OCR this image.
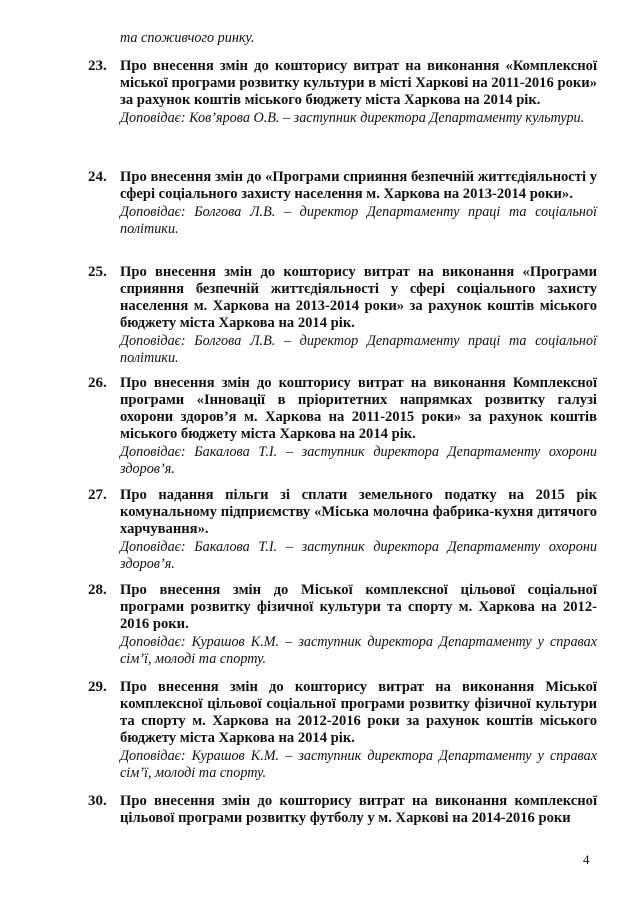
та споживчого ринку.

23. Про внесення змін до кошторису витрат на виконання «Комплексної міської програми розвитку культури в місті Харкові на 2011-2016 роки» за рахунок коштів міського бюджету міста Харкова на 2014 рік.

Доповідає: Ков’ярова О.В. – заступник директора Департаменту культури.

24. Про внесення змін до «Програми сприяння безпечній життєдіяльності у сфері соціального захисту населення м. Харкова на 2013-2014 роки».

Доповідає: Болгова Л.В. – директор Департаменту праці та соціальної політики.

25. Про внесення змін до кошторису витрат на виконання «Програми сприяння безпечній життєдіяльності у сфері соціального захисту населення м. Харкова на 2013-2014 роки» за рахунок коштів міського бюджету міста Харкова на 2014 рік.

Доповідає: Болгова Л.В. – директор Департаменту праці та соціальної політики.

26. Про внесення змін до кошторису витрат на виконання Комплексної програми «Інновації в пріоритетних напрямках розвитку галузі охорони здоров’я м. Харкова на 2011-2015 роки» за рахунок коштів міського бюджету міста Харкова на 2014 рік.

Доповідає: Бакалова Т.І. – заступник директора Департаменту охорони здоров’я.

27. Про надання пільги зі сплати земельного податку на 2015 рік комунальному підприємству «Міська молочна фабрика-кухня дитячого харчування».

Доповідає: Бакалова Т.І. – заступник директора Департаменту охорони здоров’я.

28. Про внесення змін до Міської комплексної цільової соціальної програми розвитку фізичної культури та спорту м. Харкова на 2012-2016 роки.

Доповідає: Курашов К.М. – заступник директора Департаменту у справах сім’ї, молоді та спорту.

29. Про внесення змін до кошторису витрат на виконання Міської комплексної цільової соціальної програми розвитку фізичної культури та спорту м. Харкова на 2012-2016 роки за рахунок коштів міського бюджету міста Харкова на 2014 рік.

Доповідає: Курашов К.М. – заступник директора Департаменту у справах сім’ї, молоді та спорту.

30. Про внесення змін до кошторису витрат на виконання комплексної цільової програми розвитку футболу у м. Харкові на 2014-2016 роки

4
